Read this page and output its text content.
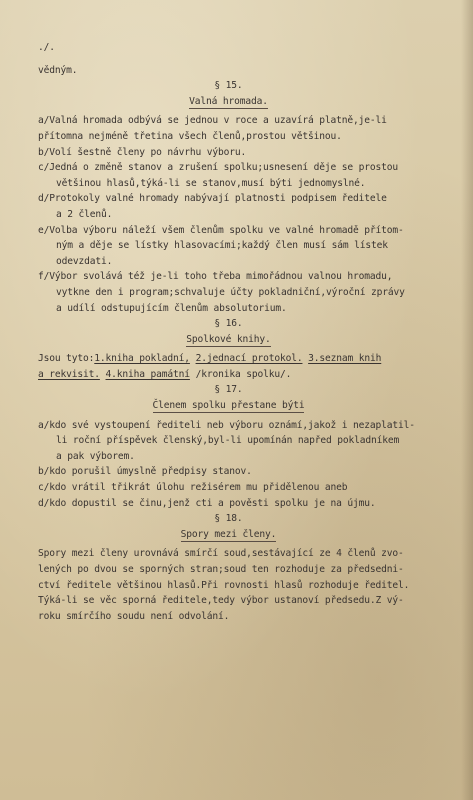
./.

vědným.

§ 15.

Valná hromada.

a/Valná hromada odbývá se jednou v roce a uzavírá platně,je-li

přítomna nejméně třetina všech členů,prostou většinou.

b/Volí šestně členy po návrhu výboru.

c/Jedná o změně stanov a zrušení spolku;usnesení děje se prostou

většinou hlasů,týká-li se stanov,musí býti jednomyslné.

d/Protokoly valné hromady nabývají platnosti podpisem ředitele

a 2 členů.

e/Volba výboru náleží všem členům spolku ve valné hromadě přítom-

ným a děje se lístky hlasovacími;každý člen musí sám lístek

odevzdati.

f/Výbor svolává též je-li toho třeba mimořádnou valnou hromadu,

vytkne den i program;schvaluje účty pokladniční,výroční zprávy

a udílí odstupujícím členům absolutorium.

§ 16.

Spolkové knihy.

Jsou tyto:1.kniha pokladní, 2.jednací protokol. 3.seznam knih

a rekvisit. 4.kniha památní /kronika spolku/.

§ 17.

Členem spolku přestane býti

a/kdo své vystoupení řediteli neb výboru oznámí,jakož i nezaplatil-

li roční příspěvek členský,byl-li upomínán napřed pokladníkem

a pak výborem.

b/kdo porušil úmyslně předpisy stanov.

c/kdo vrátil třikrát úlohu režisérem mu přidělenou aneb

d/kdo dopustil se činu,jenž cti a pověsti spolku je na újmu.

§ 18.

Spory mezi členy.

Spory mezi členy urovnává smírčí soud,sestávající ze 4 členů zvo-

lených po dvou se sporných stran;soud ten rozhoduje za předsedni-

ctví ředitele většinou hlasů.Při rovnosti hlasů rozhoduje ředitel.

Týká-li se věc sporná ředitele,tedy výbor ustanoví předsedu.Z vý-

roku smírčího soudu není odvolání.
